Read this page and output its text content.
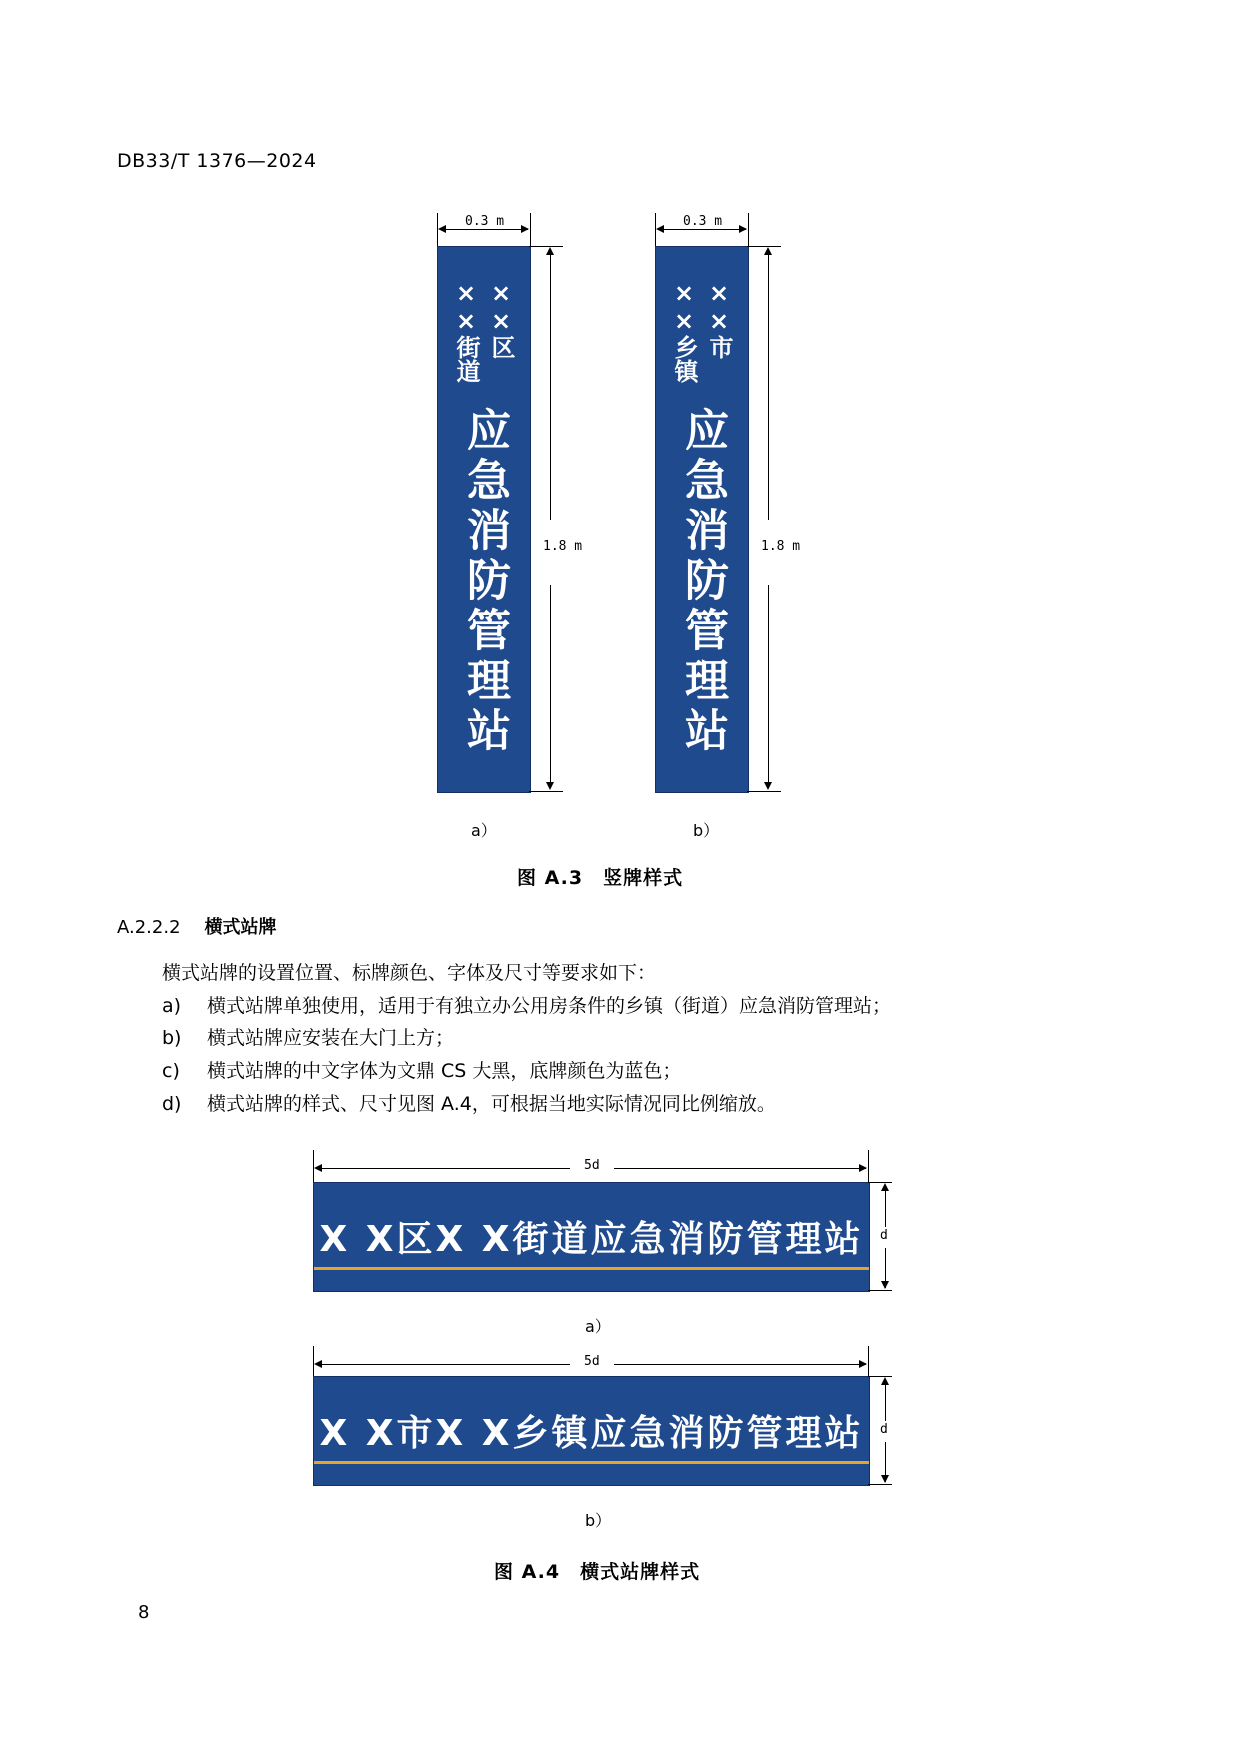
DB33/T 1376—2024
0.3 m
××街道 ××区
应急消防管理站	1.8 m
a）
0.3 m
××乡镇 ××市
应急消防管理站	1.8 m
b）
图 A.3　竖牌样式
A.2.2.2 横式站牌
横式站牌的设置位置、标牌颜色、字体及尺寸等要求如下：
a) 横式站牌单独使用，适用于有独立办公用房条件的乡镇（街道）应急消防管理站；
b) 横式站牌应安装在大门上方；
c) 横式站牌的中文字体为文鼎 CS 大黑，底牌颜色为蓝色；
d) 横式站牌的样式、尺寸见图 A.4，可根据当地实际情况同比例缩放。
5d
X X区X X街道应急消防管理站	d
a）
5d
X X市X X乡镇应急消防管理站	d
b）
图 A.4　横式站牌样式
8
